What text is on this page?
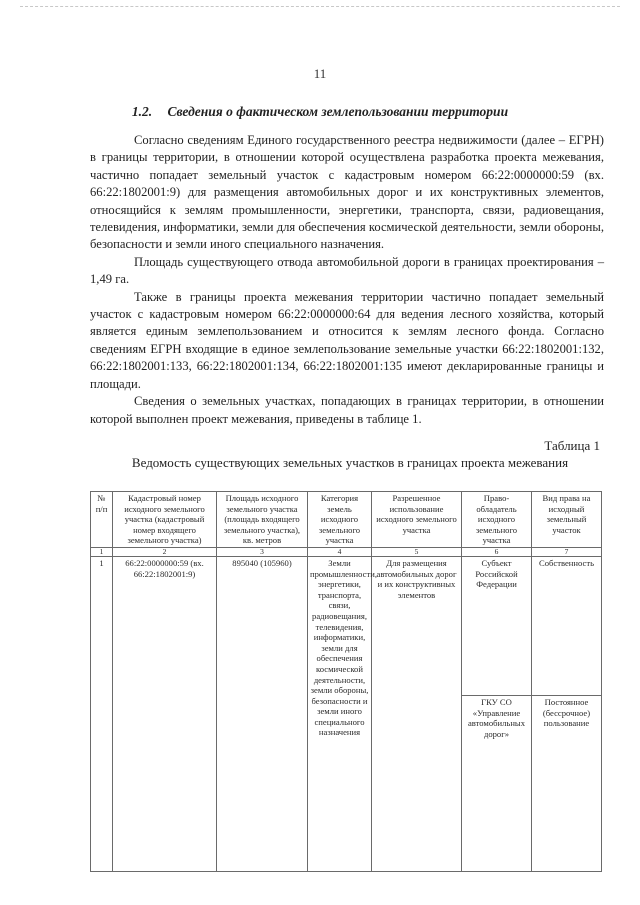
11
1.2. Сведения о фактическом землепользовании территории

Согласно сведениям Единого государственного реестра недвижимости (далее – ЕГРН) в границы территории, в отношении которой осуществлена разработка проекта межевания, частично попадает земельный участок с кадастровым номером 66:22:0000000:59 (вх. 66:22:1802001:9) для размещения автомобильных дорог и их конструктивных элементов, относящийся к землям промышленности, энергетики, транспорта, связи, радиовещания, телевидения, информатики, земли для обеспечения космической деятельности, земли обороны, безопасности и земли иного специального назначения.

Площадь существующего отвода автомобильной дороги в границах проектирования – 1,49 га.

Также в границы проекта межевания территории частично попадает земельный участок с кадастровым номером 66:22:0000000:64 для ведения лесного хозяйства, который является единым землепользованием и относится к землям лесного фонда. Согласно сведениям ЕГРН входящие в единое землепользование земельные участки 66:22:1802001:132, 66:22:1802001:133, 66:22:1802001:134, 66:22:1802001:135 имеют декларированные границы и площади.

Сведения о земельных участках, попадающих в границах территории, в отношении которой выполнен проект межевания, приведены в таблице 1.

Таблица 1
Ведомость существующих земельных участков в границах проекта межевания
№ п/п	Кадастровый номер исходного земельного участка (кадастровый номер входящего земельного участка)	Площадь исходного земельного участка (площадь входящего земельного участка), кв. метров	Категория земель исходного земельного участка	Разрешенное использование исходного земельного участка	Право-обладатель исходного земельного участка	Вид права на исходный земельный участок
1	2	3	4	5	6	7
1	66:22:0000000:59 (вх. 66:22:1802001:9)	895040 (105960)	Земли промышленности, энергетики, транспорта, связи, радиовещания, телевидения, информатики, земли для обеспечения космической деятельности, земли обороны, безопасности и земли иного специального назначения	Для размещения автомобильных дорог и их конструктивных элементов	Субъект Российской Федерации	Собственность
					ГКУ СО «Управление автомобильных дорог»	Постоянное (бессрочное) пользование
